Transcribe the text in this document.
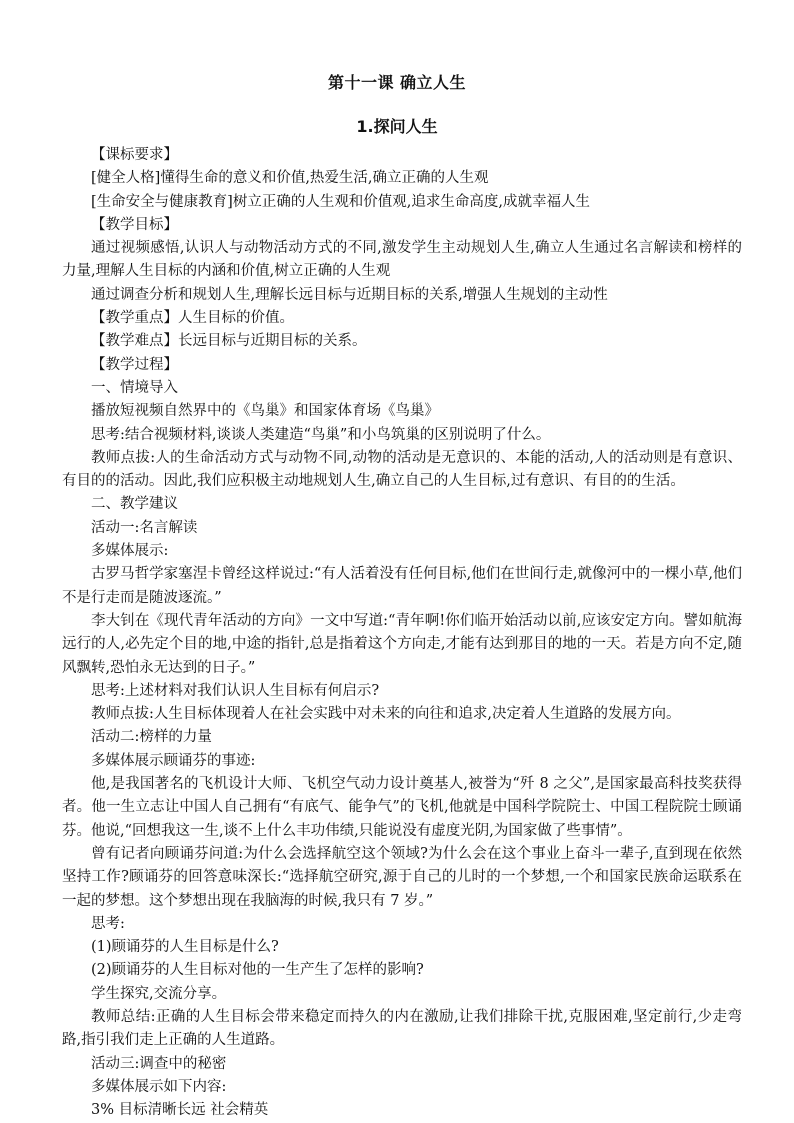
第十一课 确立人生
1.探问人生

【课标要求】

[健全人格]懂得生命的意义和价值,热爱生活,确立正确的人生观

[生命安全与健康教育]树立正确的人生观和价值观,追求生命高度,成就幸福人生

【教学目标】

通过视频感悟,认识人与动物活动方式的不同,激发学生主动规划人生,确立人生通过名言解读和榜样的力量,理解人生目标的内涵和价值,树立正确的人生观

通过调查分析和规划人生,理解长远目标与近期目标的关系,增强人生规划的主动性

【教学重点】人生目标的价值。

【教学难点】长远目标与近期目标的关系。

【教学过程】

一、情境导入

播放短视频自然界中的《鸟巢》和国家体育场《鸟巢》

思考:结合视频材料,谈谈人类建造“鸟巢”和小鸟筑巢的区别说明了什么。

教师点拔:人的生命活动方式与动物不同,动物的活动是无意识的、本能的活动,人的活动则是有意识、有目的的活动。因此,我们应积极主动地规划人生,确立自己的人生目标,过有意识、有目的的生活。

二、教学建议

活动一:名言解读

多媒体展示:

古罗马哲学家塞涅卡曾经这样说过:“有人活着没有任何目标,他们在世间行走,就像河中的一棵小草,他们不是行走而是随波逐流。”

李大钊在《现代青年活动的方向》一文中写道:“青年啊!你们临开始活动以前,应该安定方向。譬如航海远行的人,必先定个目的地,中途的指针,总是指着这个方向走,才能有达到那目的地的一天。若是方向不定,随风飘转,恐怕永无达到的日子。”

思考:上述材料对我们认识人生目标有何启示?

教师点拔:人生目标体现着人在社会实践中对未来的向往和追求,决定着人生道路的发展方向。

活动二:榜样的力量

多媒体展示顾诵芬的事迹:

他,是我国著名的飞机设计大师、飞机空气动力设计奠基人,被誉为“歼 8 之父”,是国家最高科技奖获得者。他一生立志让中国人自己拥有“有底气、能争气”的飞机,他就是中国科学院院士、中国工程院院士顾诵芬。他说,“回想我这一生,谈不上什么丰功伟绩,只能说没有虚度光阴,为国家做了些事情”。

曾有记者向顾诵芬问道:为什么会选择航空这个领域?为什么会在这个事业上奋斗一辈子,直到现在依然坚持工作?顾诵芬的回答意味深长:“选择航空研究,源于自己的儿时的一个梦想,一个和国家民族命运联系在一起的梦想。这个梦想出现在我脑海的时候,我只有 7 岁。”

思考:

(1)顾诵芬的人生目标是什么?

(2)顾诵芬的人生目标对他的一生产生了怎样的影响?

学生探究,交流分享。

教师总结:正确的人生目标会带来稳定而持久的内在激励,让我们排除干扰,克服困难,坚定前行,少走弯路,指引我们走上正确的人生道路。

活动三:调查中的秘密

多媒体展示如下内容:

3% 目标清晰长远 社会精英
